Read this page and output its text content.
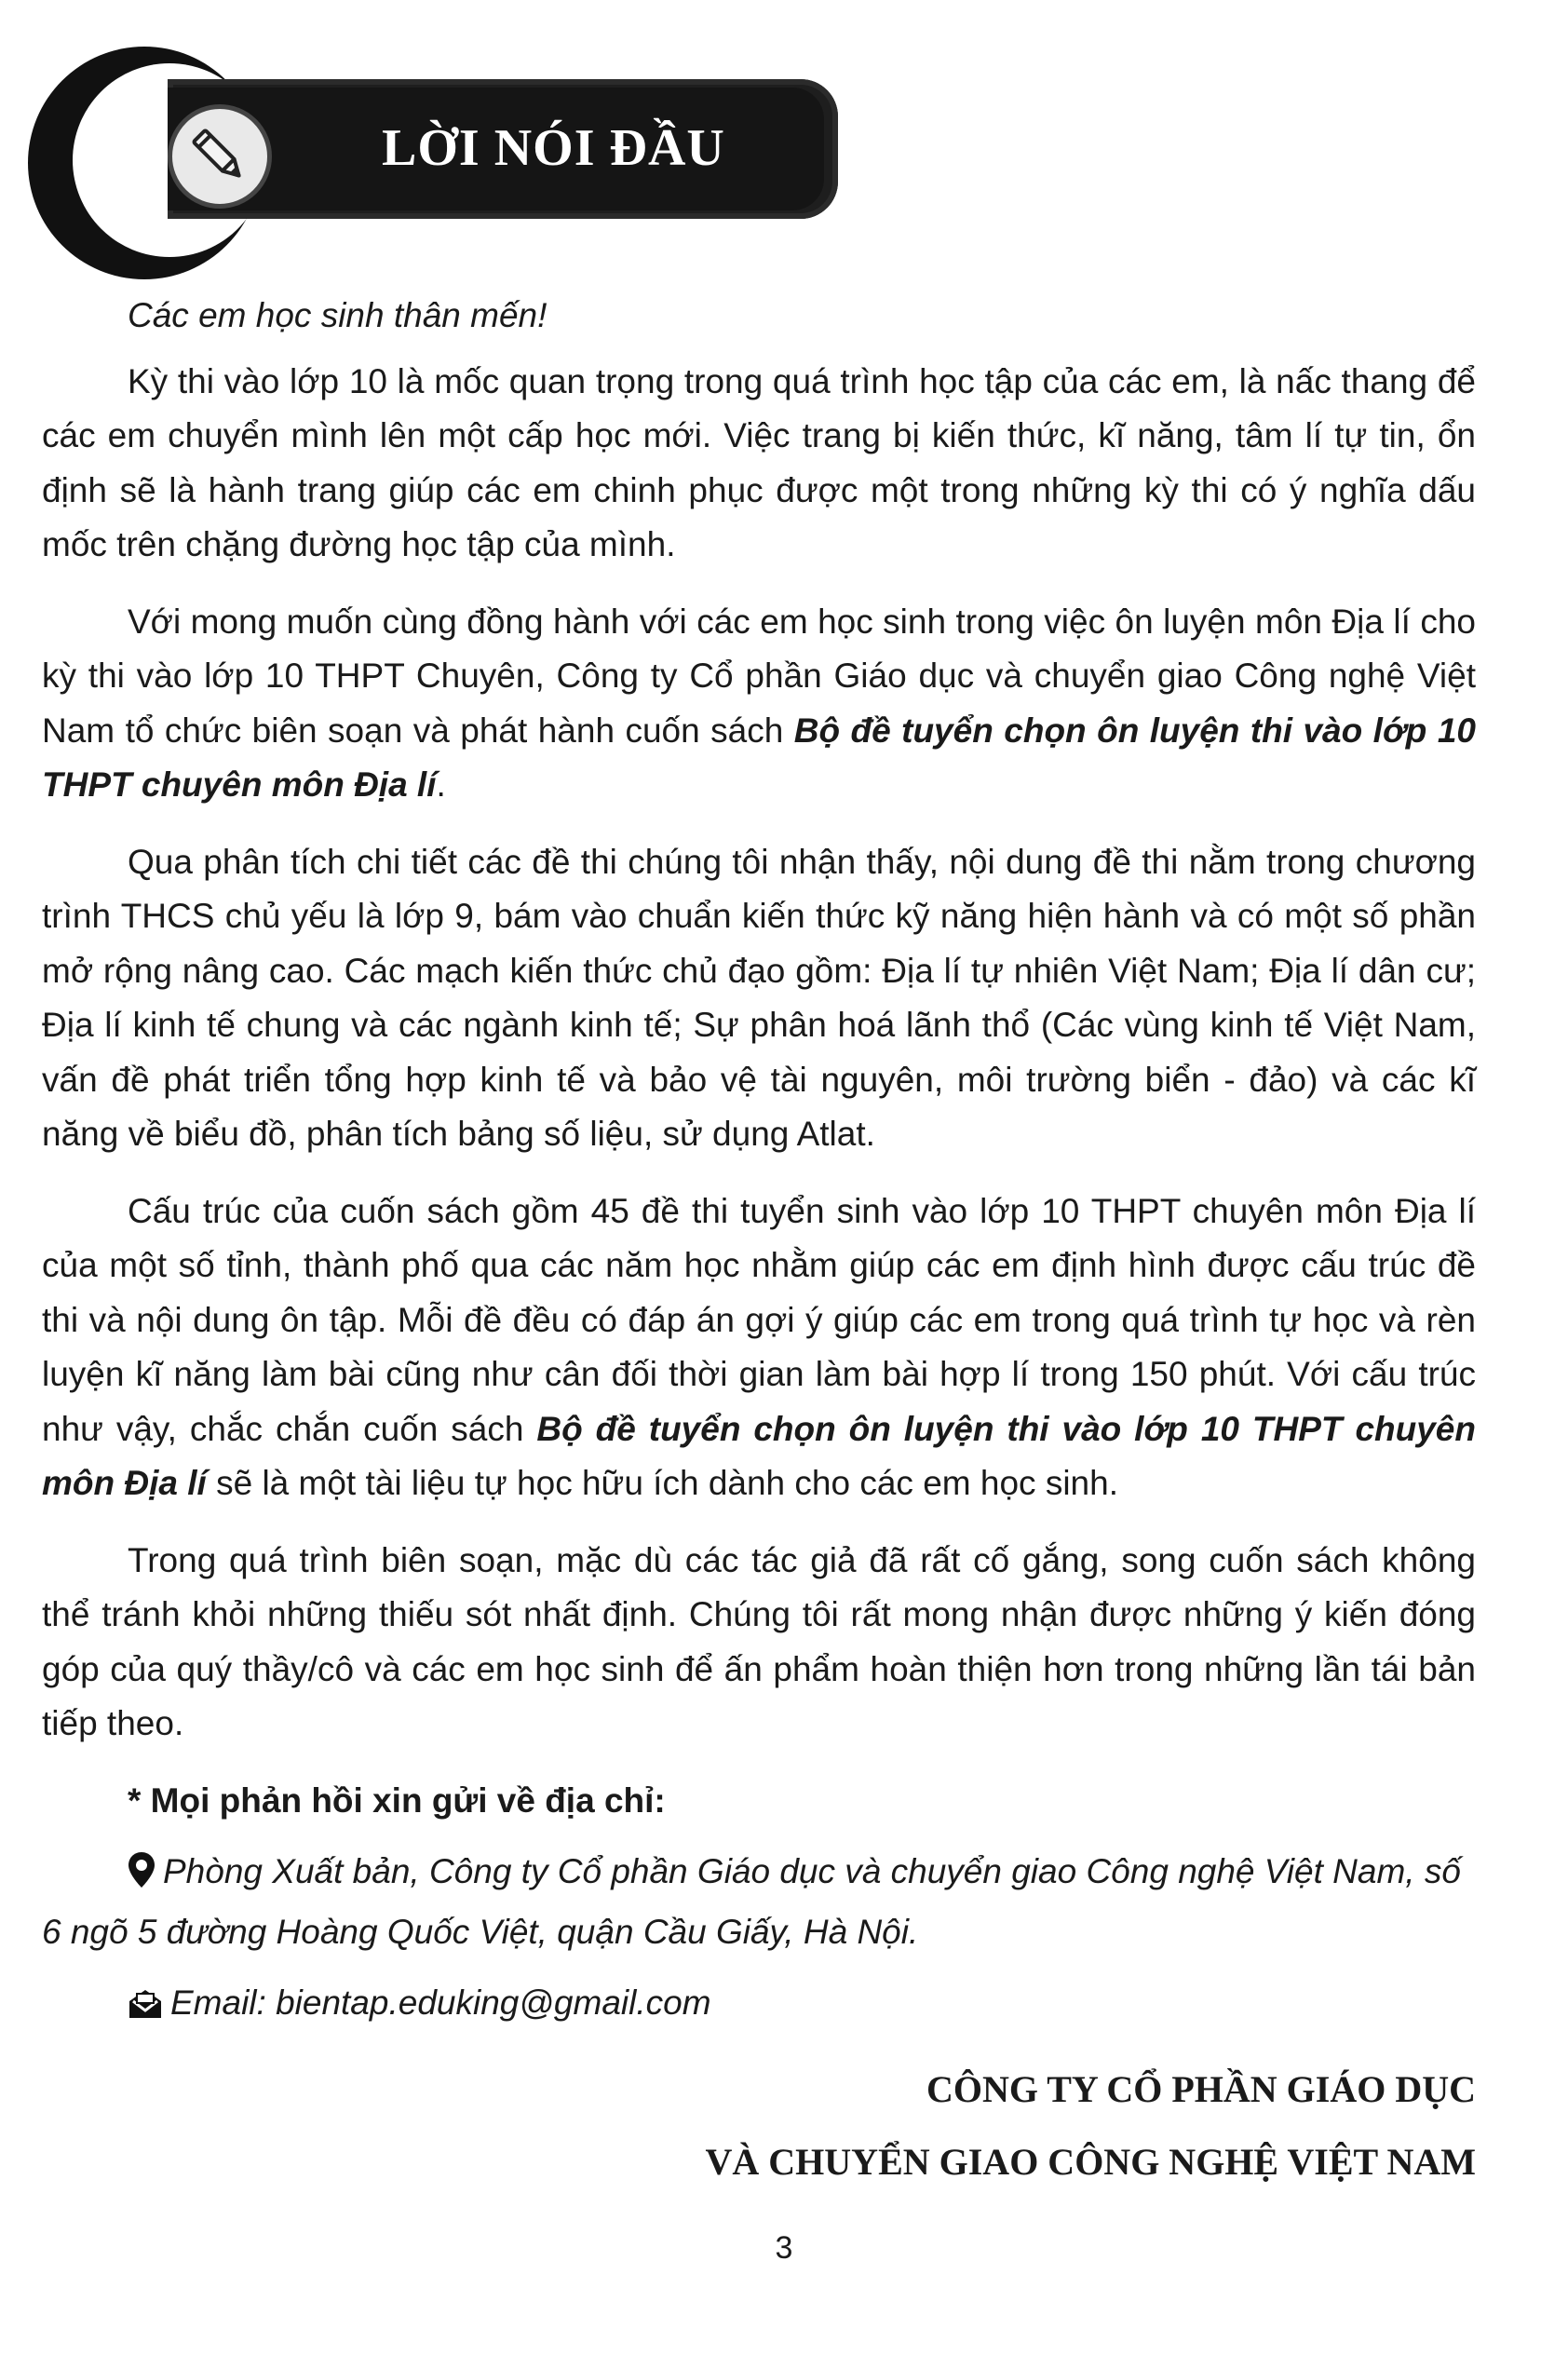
LỜI NÓI ĐẦU

Các em học sinh thân mến!

Kỳ thi vào lớp 10 là mốc quan trọng trong quá trình học tập của các em, là nấc thang để các em chuyển mình lên một cấp học mới. Việc trang bị kiến thức, kĩ năng, tâm lí tự tin, ổn định sẽ là hành trang giúp các em chinh phục được một trong những kỳ thi có ý nghĩa dấu mốc trên chặng đường học tập của mình.

Với mong muốn cùng đồng hành với các em học sinh trong việc ôn luyện môn Địa lí cho kỳ thi vào lớp 10 THPT Chuyên, Công ty Cổ phần Giáo dục và chuyển giao Công nghệ Việt Nam tổ chức biên soạn và phát hành cuốn sách Bộ đề tuyển chọn ôn luyện thi vào lớp 10 THPT chuyên môn Địa lí.

Qua phân tích chi tiết các đề thi chúng tôi nhận thấy, nội dung đề thi nằm trong chương trình THCS chủ yếu là lớp 9, bám vào chuẩn kiến thức kỹ năng hiện hành và có một số phần mở rộng nâng cao. Các mạch kiến thức chủ đạo gồm: Địa lí tự nhiên Việt Nam; Địa lí dân cư; Địa lí kinh tế chung và các ngành kinh tế; Sự phân hoá lãnh thổ (Các vùng kinh tế Việt Nam, vấn đề phát triển tổng hợp kinh tế và bảo vệ tài nguyên, môi trường biển - đảo) và các kĩ năng về biểu đồ, phân tích bảng số liệu, sử dụng Atlat.

Cấu trúc của cuốn sách gồm 45 đề thi tuyển sinh vào lớp 10 THPT chuyên môn Địa lí của một số tỉnh, thành phố qua các năm học nhằm giúp các em định hình được cấu trúc đề thi và nội dung ôn tập. Mỗi đề đều có đáp án gợi ý giúp các em trong quá trình tự học và rèn luyện kĩ năng làm bài cũng như cân đối thời gian làm bài hợp lí trong 150 phút. Với cấu trúc như vậy, chắc chắn cuốn sách Bộ đề tuyển chọn ôn luyện thi vào lớp 10 THPT chuyên môn Địa lí sẽ là một tài liệu tự học hữu ích dành cho các em học sinh.

Trong quá trình biên soạn, mặc dù các tác giả đã rất cố gắng, song cuốn sách không thể tránh khỏi những thiếu sót nhất định. Chúng tôi rất mong nhận được những ý kiến đóng góp của quý thầy/cô và các em học sinh để ấn phẩm hoàn thiện hơn trong những lần tái bản tiếp theo.

* Mọi phản hồi xin gửi về địa chỉ:

Phòng Xuất bản, Công ty Cổ phần Giáo dục và chuyển giao Công nghệ Việt Nam, số 6 ngõ 5 đường Hoàng Quốc Việt, quận Cầu Giấy, Hà Nội.

Email: bientap.eduking@gmail.com

CÔNG TY CỔ PHẦN GIÁO DỤC
VÀ CHUYỂN GIAO CÔNG NGHỆ VIỆT NAM
3
